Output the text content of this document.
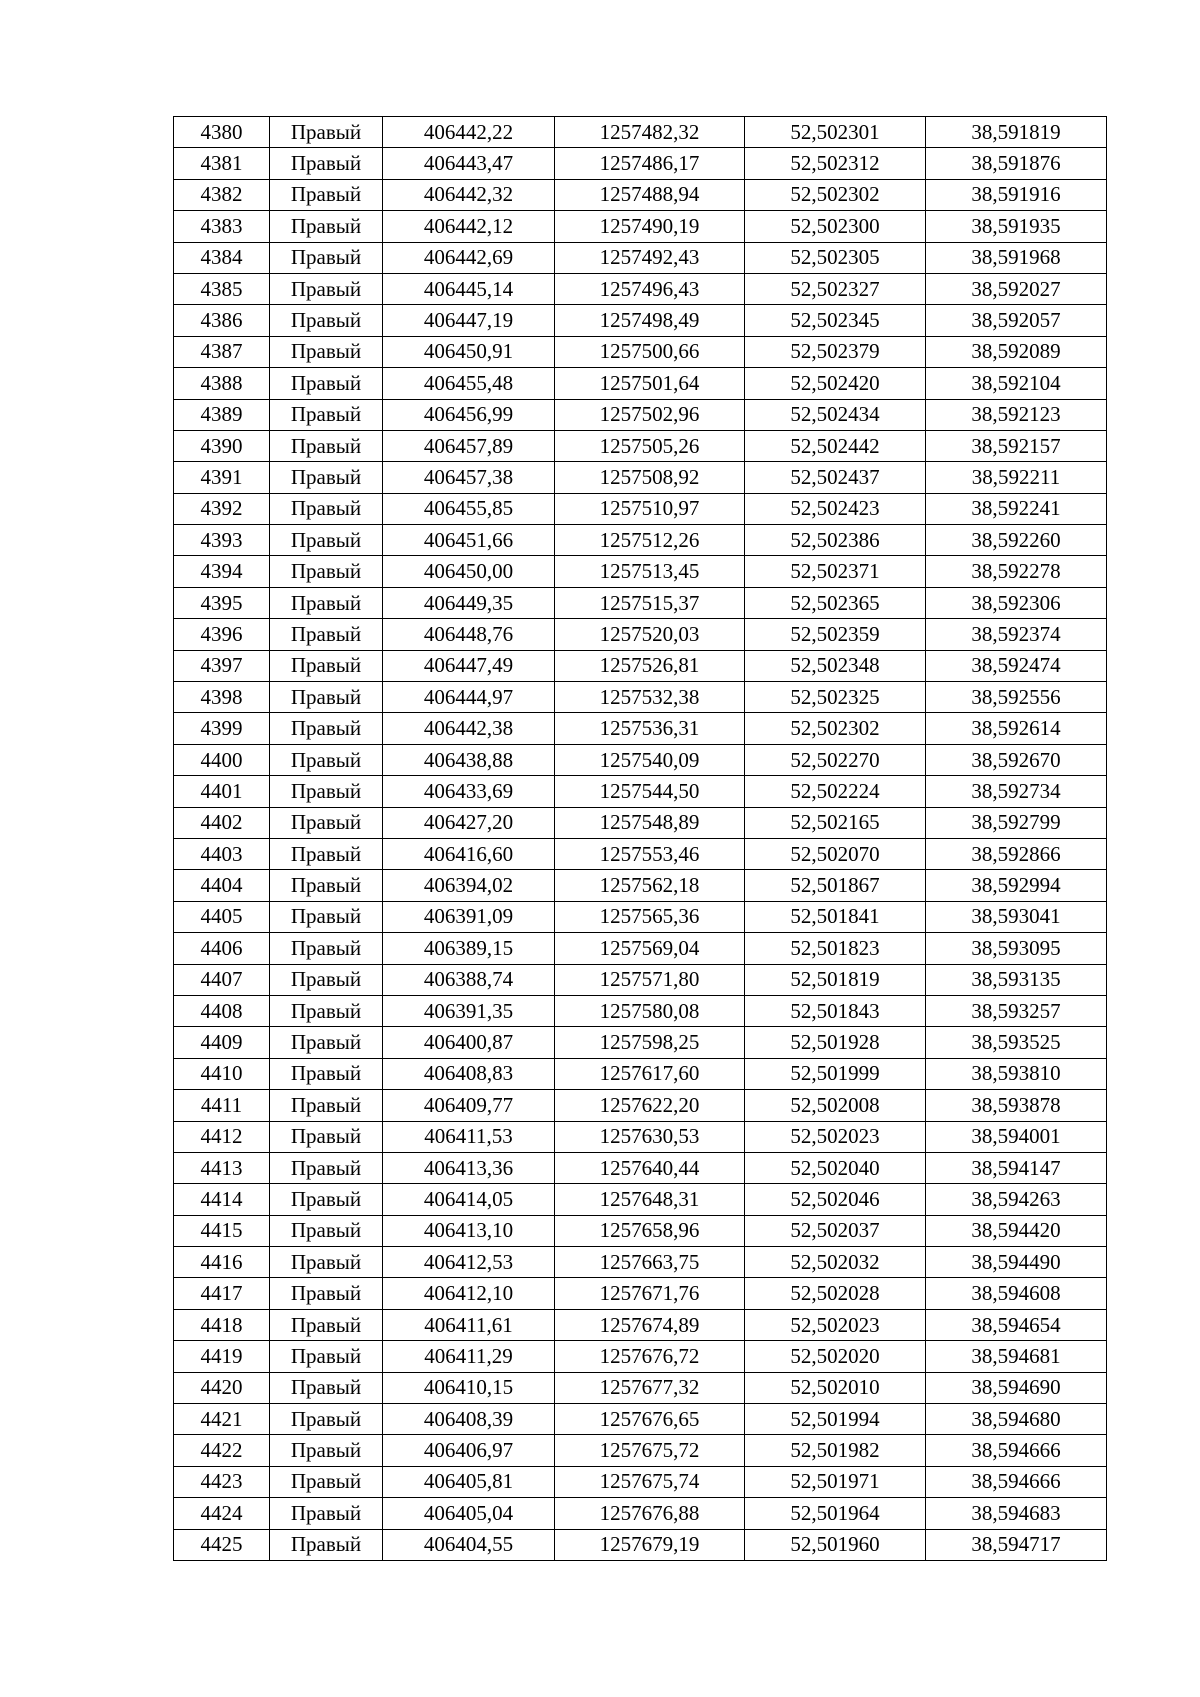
4380	Правый	406442,22	1257482,32	52,502301	38,591819
4381	Правый	406443,47	1257486,17	52,502312	38,591876
4382	Правый	406442,32	1257488,94	52,502302	38,591916
4383	Правый	406442,12	1257490,19	52,502300	38,591935
4384	Правый	406442,69	1257492,43	52,502305	38,591968
4385	Правый	406445,14	1257496,43	52,502327	38,592027
4386	Правый	406447,19	1257498,49	52,502345	38,592057
4387	Правый	406450,91	1257500,66	52,502379	38,592089
4388	Правый	406455,48	1257501,64	52,502420	38,592104
4389	Правый	406456,99	1257502,96	52,502434	38,592123
4390	Правый	406457,89	1257505,26	52,502442	38,592157
4391	Правый	406457,38	1257508,92	52,502437	38,592211
4392	Правый	406455,85	1257510,97	52,502423	38,592241
4393	Правый	406451,66	1257512,26	52,502386	38,592260
4394	Правый	406450,00	1257513,45	52,502371	38,592278
4395	Правый	406449,35	1257515,37	52,502365	38,592306
4396	Правый	406448,76	1257520,03	52,502359	38,592374
4397	Правый	406447,49	1257526,81	52,502348	38,592474
4398	Правый	406444,97	1257532,38	52,502325	38,592556
4399	Правый	406442,38	1257536,31	52,502302	38,592614
4400	Правый	406438,88	1257540,09	52,502270	38,592670
4401	Правый	406433,69	1257544,50	52,502224	38,592734
4402	Правый	406427,20	1257548,89	52,502165	38,592799
4403	Правый	406416,60	1257553,46	52,502070	38,592866
4404	Правый	406394,02	1257562,18	52,501867	38,592994
4405	Правый	406391,09	1257565,36	52,501841	38,593041
4406	Правый	406389,15	1257569,04	52,501823	38,593095
4407	Правый	406388,74	1257571,80	52,501819	38,593135
4408	Правый	406391,35	1257580,08	52,501843	38,593257
4409	Правый	406400,87	1257598,25	52,501928	38,593525
4410	Правый	406408,83	1257617,60	52,501999	38,593810
4411	Правый	406409,77	1257622,20	52,502008	38,593878
4412	Правый	406411,53	1257630,53	52,502023	38,594001
4413	Правый	406413,36	1257640,44	52,502040	38,594147
4414	Правый	406414,05	1257648,31	52,502046	38,594263
4415	Правый	406413,10	1257658,96	52,502037	38,594420
4416	Правый	406412,53	1257663,75	52,502032	38,594490
4417	Правый	406412,10	1257671,76	52,502028	38,594608
4418	Правый	406411,61	1257674,89	52,502023	38,594654
4419	Правый	406411,29	1257676,72	52,502020	38,594681
4420	Правый	406410,15	1257677,32	52,502010	38,594690
4421	Правый	406408,39	1257676,65	52,501994	38,594680
4422	Правый	406406,97	1257675,72	52,501982	38,594666
4423	Правый	406405,81	1257675,74	52,501971	38,594666
4424	Правый	406405,04	1257676,88	52,501964	38,594683
4425	Правый	406404,55	1257679,19	52,501960	38,594717
